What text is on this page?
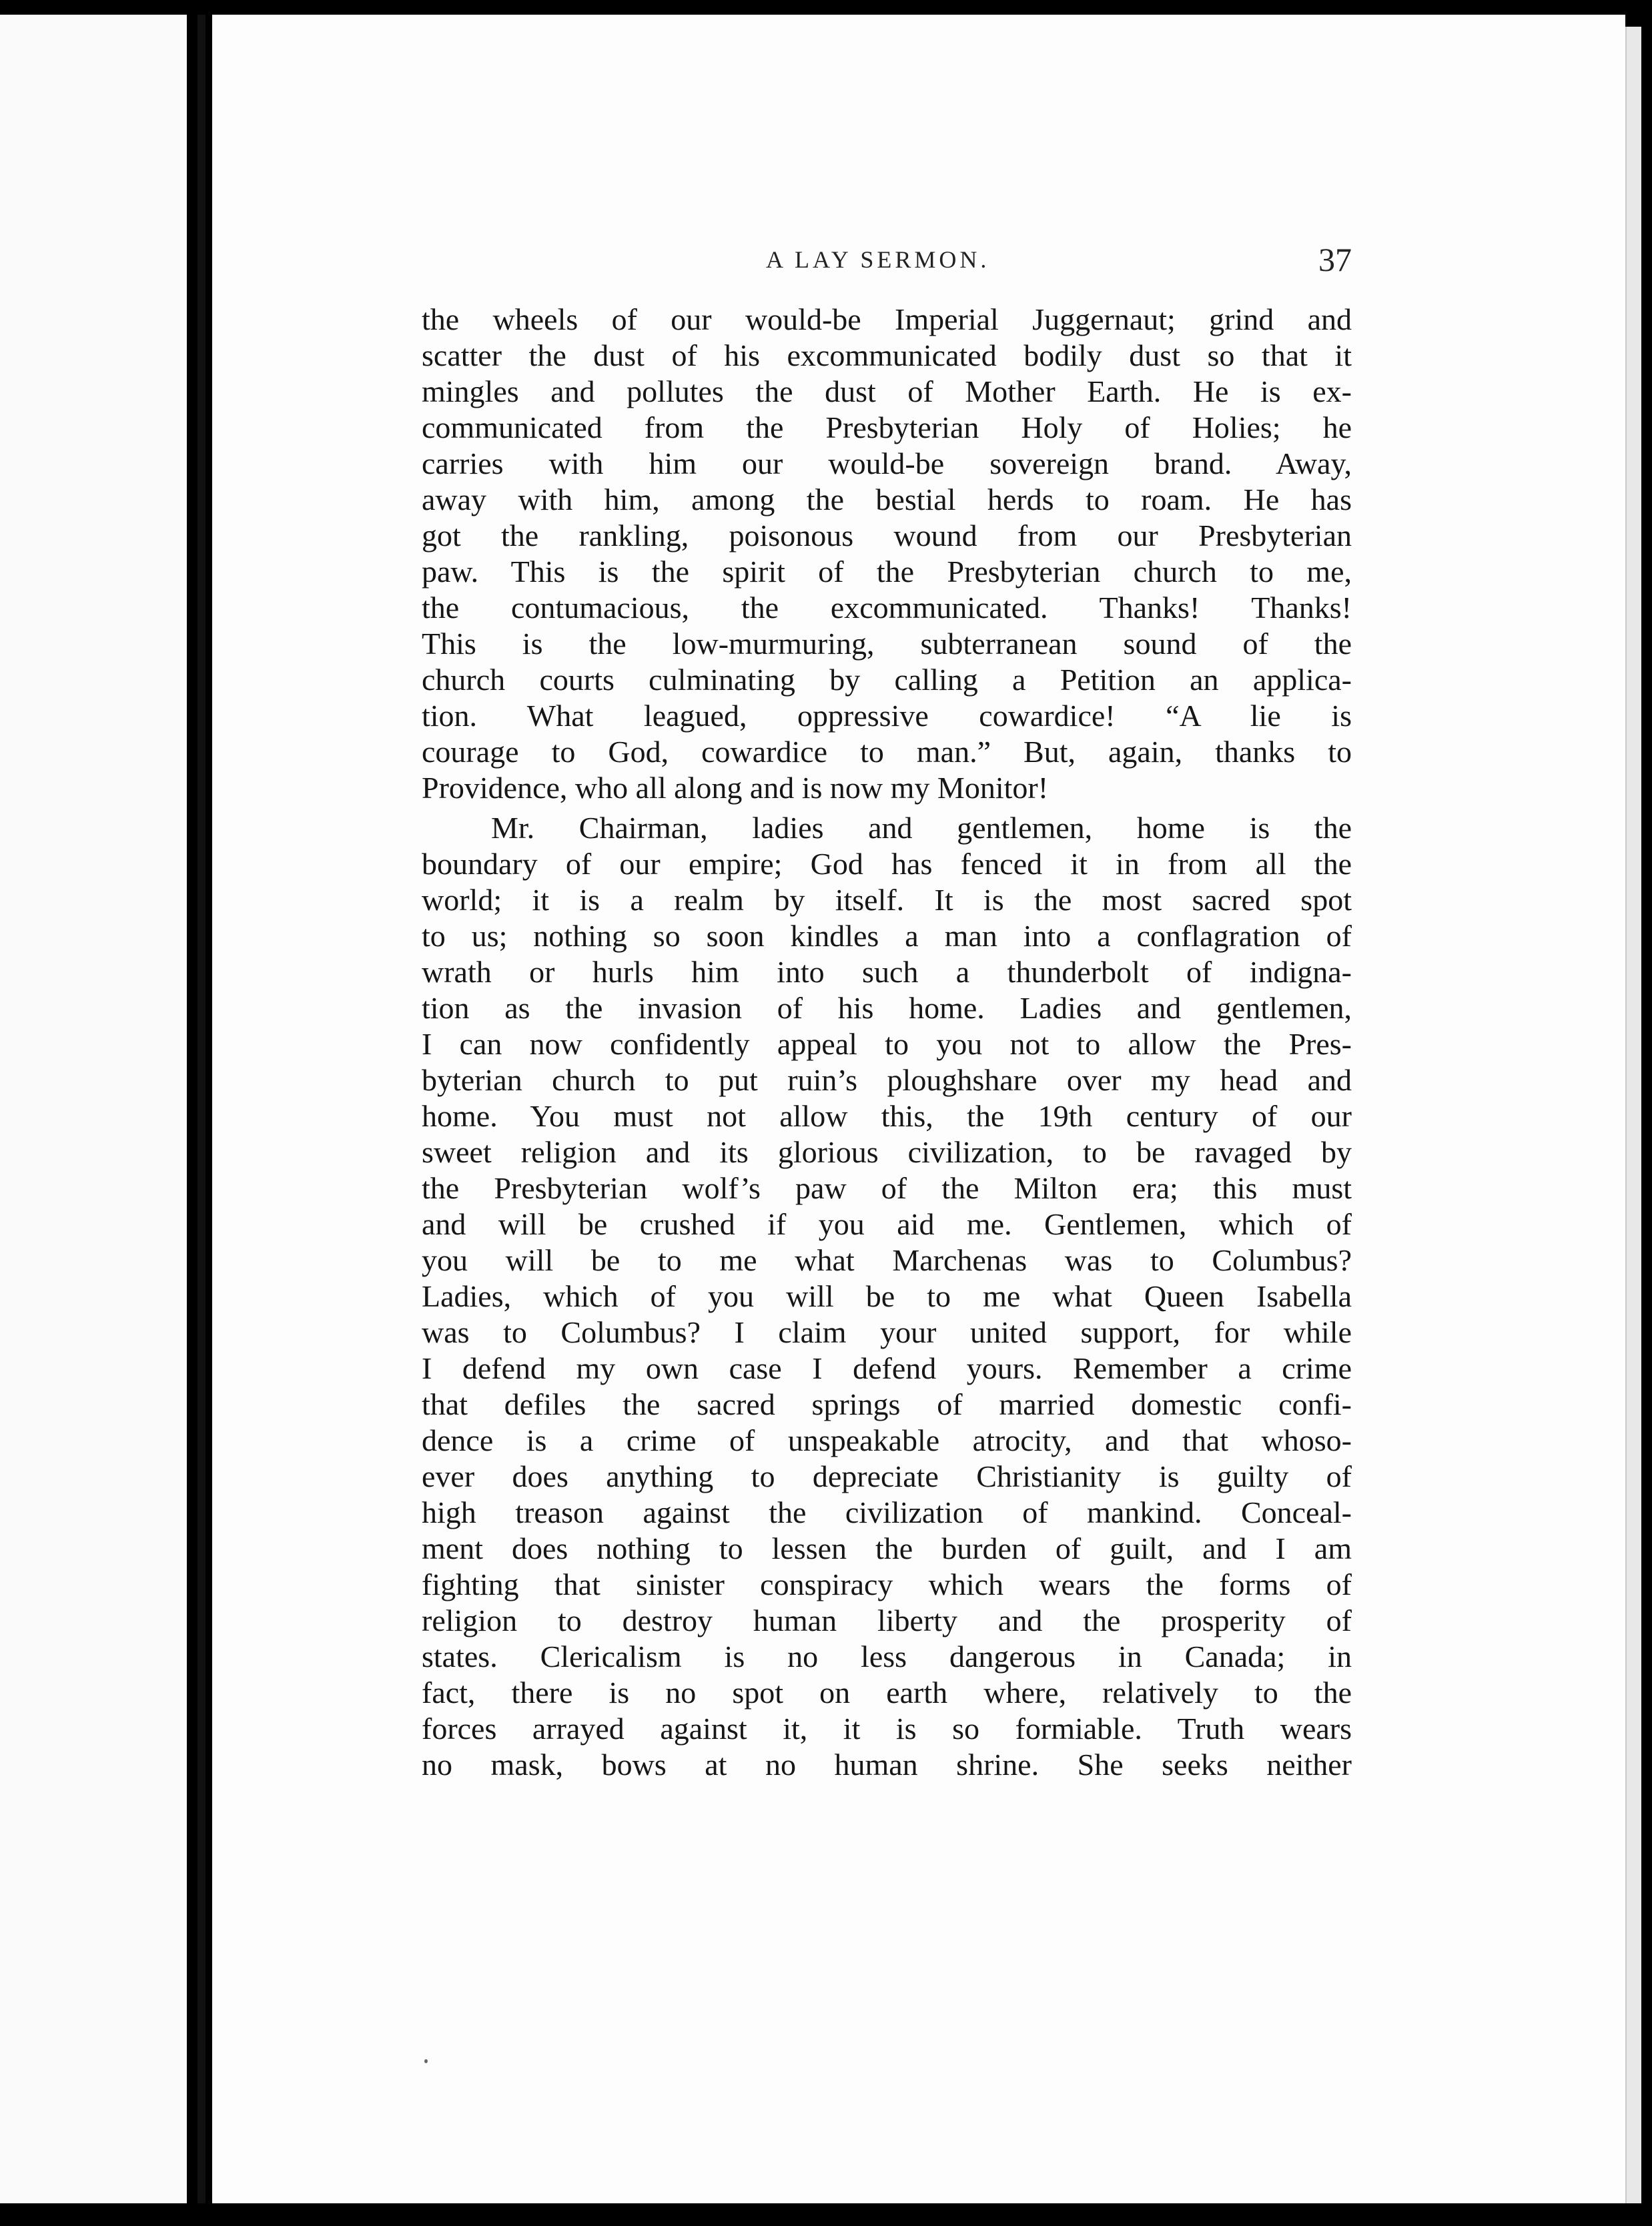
A LAY SERMON.	37
the wheels of our would-be Imperial Juggernaut; grind and
scatter the dust of his excommunicated bodily dust so that it
mingles and pollutes the dust of Mother Earth. He is ex-
communicated from the Presbyterian Holy of Holies; he
carries with him our would-be sovereign brand. Away,
away with him, among the bestial herds to roam. He has
got the rankling, poisonous wound from our Presbyterian
paw. This is the spirit of the Presbyterian church to me,
the contumacious, the excommunicated. Thanks! Thanks!
This is the low-murmuring, subterranean sound of the
church courts culminating by calling a Petition an applica-
tion. What leagued, oppressive cowardice! “A lie is
courage to God, cowardice to man.” But, again, thanks to
Providence, who all along and is now my Monitor!
Mr. Chairman, ladies and gentlemen, home is the
boundary of our empire; God has fenced it in from all the
world; it is a realm by itself. It is the most sacred spot
to us; nothing so soon kindles a man into a conflagration of
wrath or hurls him into such a thunderbolt of indigna-
tion as the invasion of his home. Ladies and gentlemen,
I can now confidently appeal to you not to allow the Pres-
byterian church to put ruin’s ploughshare over my head and
home. You must not allow this, the 19th century of our
sweet religion and its glorious civilization, to be ravaged by
the Presbyterian wolf’s paw of the Milton era; this must
and will be crushed if you aid me. Gentlemen, which of
you will be to me what Marchenas was to Columbus?
Ladies, which of you will be to me what Queen Isabella
was to Columbus? I claim your united support, for while
I defend my own case I defend yours. Remember a crime
that defiles the sacred springs of married domestic confi-
dence is a crime of unspeakable atrocity, and that whoso-
ever does anything to depreciate Christianity is guilty of
high treason against the civilization of mankind. Conceal-
ment does nothing to lessen the burden of guilt, and I am
fighting that sinister conspiracy which wears the forms of
religion to destroy human liberty and the prosperity of
states. Clericalism is no less dangerous in Canada; in
fact, there is no spot on earth where, relatively to the
forces arrayed against it, it is so formiable. Truth wears
no mask, bows at no human shrine. She seeks neither
